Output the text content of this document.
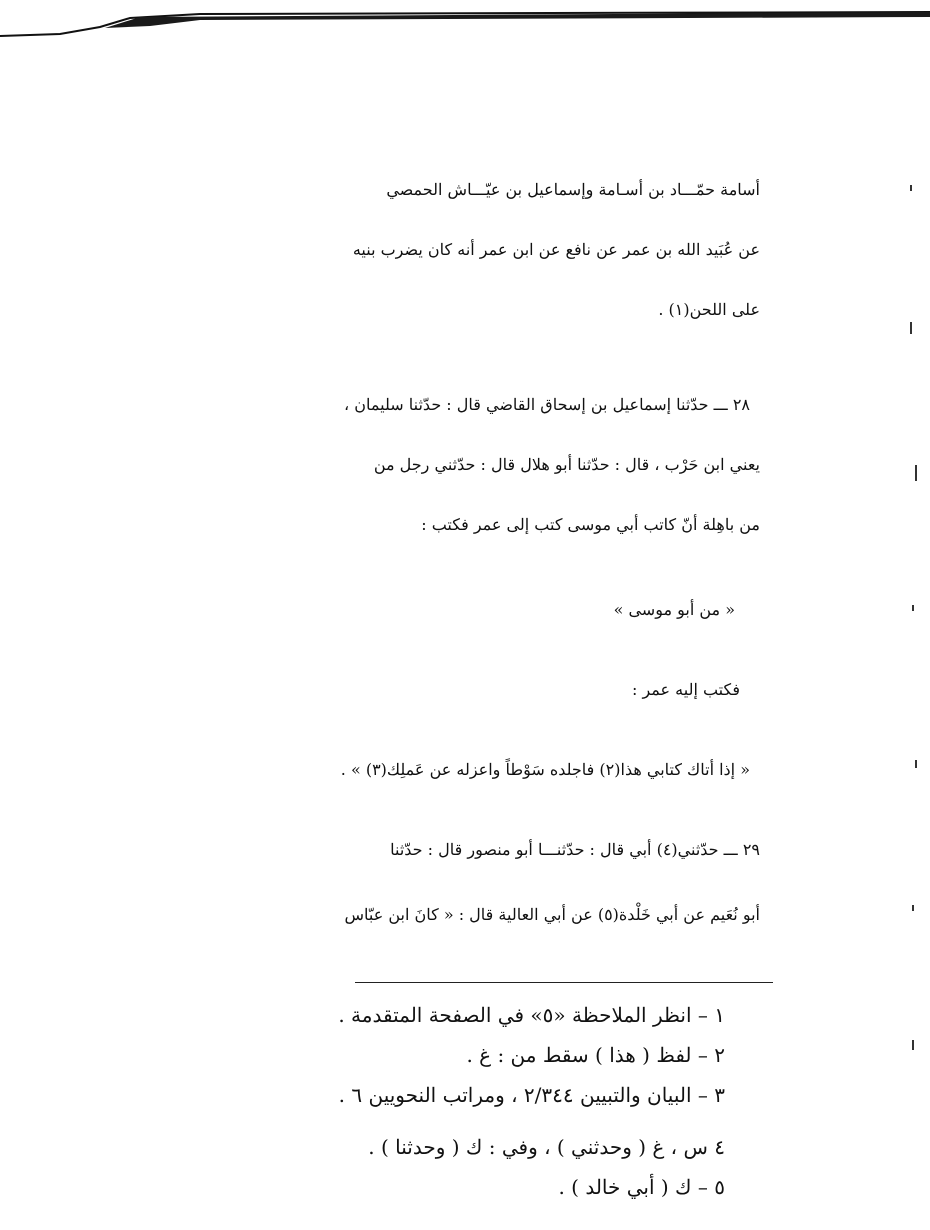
أسامة حمّـــاد بن أسـامة وإسماعيل بن عيّـــاش الحمصي
عن عُبَيد الله بن عمر عن نافع عن ابن عمر أنه كان يضرب بنيه
على اللحن(١) .
٢٨ ـــ حدّثنا إسماعيل بن إسحاق القاضي قال : حدّثنا سليمان ،
يعني ابن حَرْب ، قال : حدّثنا أبو هلال قال : حدّثني رجل من
من باهِلة أنّ كاتب أبي موسى كتب إلى عمر فكتب :
« من أبو موسى »
فكتب إليه عمر :
« إذا أتاك كتابي هذا(٢) فاجلده سَوْطاً واعزله عن عَملِك(٣) » .
٢٩ ـــ حدّثني(٤) أبي قال : حدّثنـــا أبو منصور قال : حدّثنا
أبو نُعَيم عن أبي خَلْدة(٥) عن أبي العالية قال : « كانَ ابن عبّاس
١ – انظر الملاحظة «٥» في الصفحة المتقدمة .
٢ – لفظ ( هذا ) سقط من : غ .
٣ – البيان والتبيين ٢/٣٤٤ ، ومراتب النحويين ٦ .
٤ س ، غ ( وحدثني ) ، وفي : ك ( وحدثنا ) .
٥ – ك ( أبي خالد ) .
